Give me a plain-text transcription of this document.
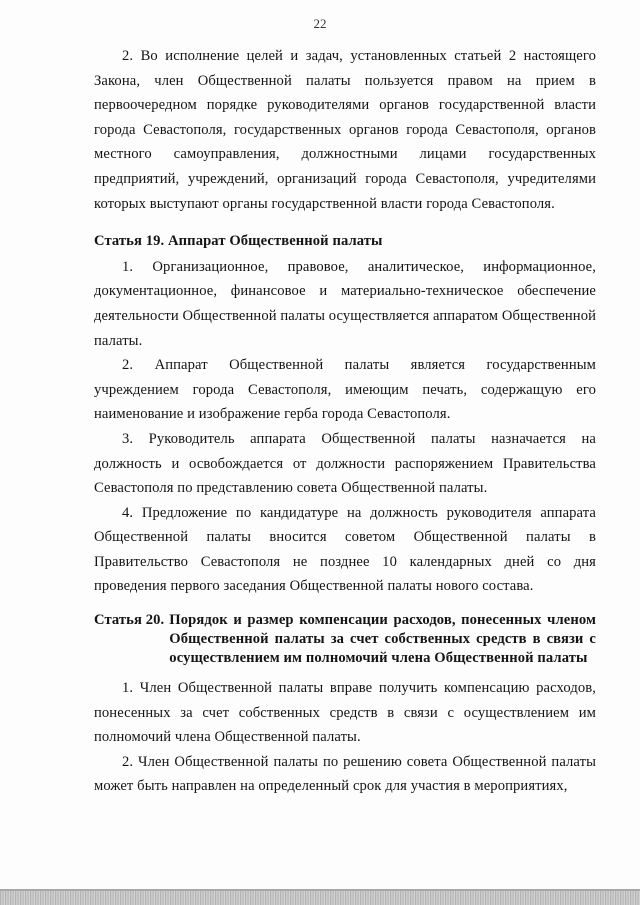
22

2. Во исполнение целей и задач, установленных статьей 2 настоящего Закона, член Общественной палаты пользуется правом на прием в первоочередном порядке руководителями органов государственной власти города Севастополя, государственных органов города Севастополя, органов местного самоуправления, должностными лицами государственных предприятий, учреждений, организаций города Севастополя, учредителями которых выступают органы государственной власти города Севастополя.

Статья 19. Аппарат Общественной палаты

1. Организационное, правовое, аналитическое, информационное, документационное, финансовое и материально-техническое обеспечение деятельности Общественной палаты осуществляется аппаратом Общественной палаты.

2. Аппарат Общественной палаты является государственным учреждением города Севастополя, имеющим печать, содержащую его наименование и изображение герба города Севастополя.

3. Руководитель аппарата Общественной палаты назначается на должность и освобождается от должности распоряжением Правительства Севастополя по представлению совета Общественной палаты.

4. Предложение по кандидатуре на должность руководителя аппарата Общественной палаты вносится советом Общественной палаты в Правительство Севастополя не позднее 10 календарных дней со дня проведения первого заседания Общественной палаты нового состава.

Статья 20. Порядок и размер компенсации расходов, понесенных членом Общественной палаты за счет собственных средств в связи с осуществлением им полномочий члена Общественной палаты

1. Член Общественной палаты вправе получить компенсацию расходов, понесенных за счет собственных средств в связи с осуществлением им полномочий члена Общественной палаты.

2. Член Общественной палаты по решению совета Общественной палаты может быть направлен на определенный срок для участия в мероприятиях,
